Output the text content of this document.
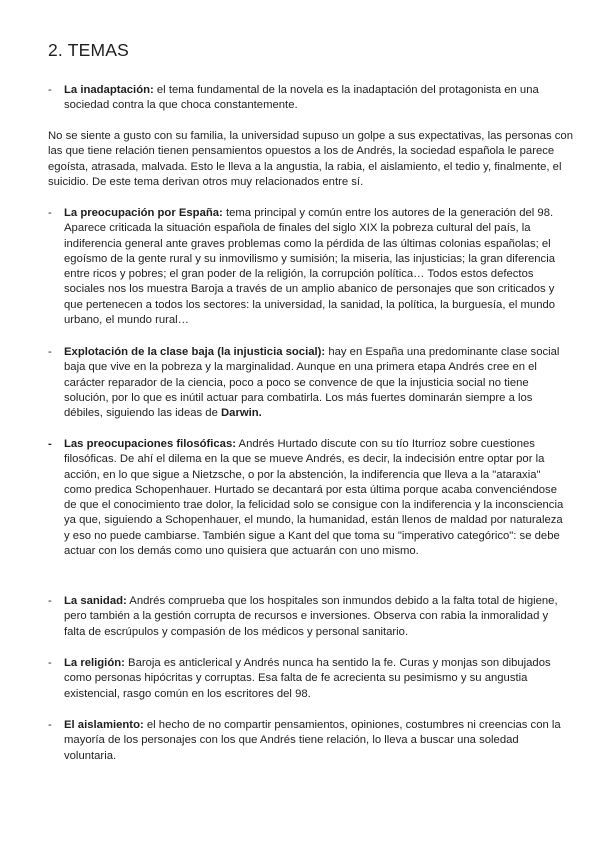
2. TEMAS
-	La inadaptación: el tema fundamental de la novela es la inadaptación del protagonista en una sociedad contra la que choca constantemente.

No se siente a gusto con su familia, la universidad supuso un golpe a sus expectativas, las personas con las que tiene relación tienen pensamientos opuestos a los de Andrés, la sociedad española le parece egoísta, atrasada, malvada. Esto le lleva a la angustia, la rabia, el aislamiento, el tedio y, finalmente, el suicidio. De este tema derivan otros muy relacionados entre sí.

-	La preocupación por España: tema principal y común entre los autores de la generación del 98. Aparece criticada la situación española de finales del siglo XIX la pobreza cultural del país, la indiferencia general ante graves problemas como la pérdida de las últimas colonias españolas; el egoísmo de la gente rural y su inmovilismo y sumisión; la miseria, las injusticias; la gran diferencia entre ricos y pobres; el gran poder de la religión, la corrupción política… Todos estos defectos sociales nos los muestra Baroja a través de un amplio abanico de personajes que son criticados y que pertenecen a todos los sectores: la universidad, la sanidad, la política, la burguesía, el mundo urbano, el mundo rural…

-	Explotación de la clase baja (la injusticia social): hay en España una predominante clase social baja que vive en la pobreza y la marginalidad. Aunque en una primera etapa Andrés cree en el carácter reparador de la ciencia, poco a poco se convence de que la injusticia social no tiene solución, por lo que es inútil actuar para combatirla. Los más fuertes dominarán siempre a los débiles, siguiendo las ideas de Darwin.

-	Las preocupaciones filosóficas: Andrés Hurtado discute con su tío Iturrioz sobre cuestiones filosóficas. De ahí el dilema en la que se mueve Andrés, es decir, la indecisión entre optar por la acción, en lo que sigue a Nietzsche, o por la abstención, la indiferencia que lleva a la "ataraxia" como predica Schopenhauer. Hurtado se decantará por esta última porque acaba convenciéndose de que el conocimiento trae dolor, la felicidad solo se consigue con la indiferencia y la inconsciencia ya que, siguiendo a Schopenhauer, el mundo, la humanidad, están llenos de maldad por naturaleza y eso no puede cambiarse. También sigue a Kant del que toma su "imperativo categórico": se debe actuar con los demás como uno quisiera que actuarán con uno mismo.

-	La sanidad: Andrés comprueba que los hospitales son inmundos debido a la falta total de higiene, pero también a la gestión corrupta de recursos e inversiones. Observa con rabia la inmoralidad y falta de escrúpulos y compasión de los médicos y personal sanitario.

-	La religión: Baroja es anticlerical y Andrés nunca ha sentido la fe. Curas y monjas son dibujados como personas hipócritas y corruptas. Esa falta de fe acrecienta su pesimismo y su angustia existencial, rasgo común en los escritores del 98.

-	El aislamiento: el hecho de no compartir pensamientos, opiniones, costumbres ni creencias con la mayoría de los personajes con los que Andrés tiene relación, lo lleva a buscar una soledad voluntaria.
